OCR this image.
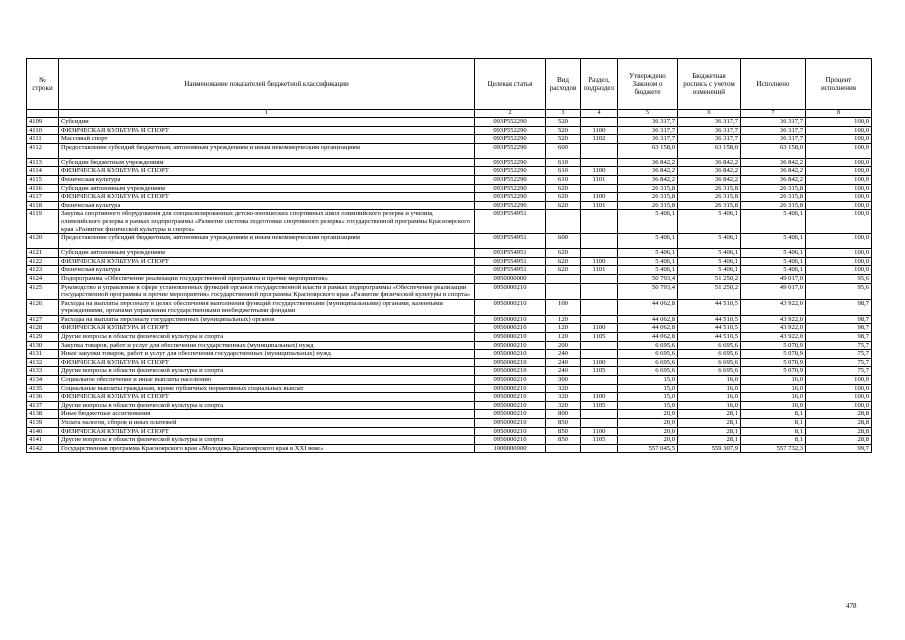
№ строки	Наименование показателей бюджетной классификации	Целевая статья	Вид расходов	Раздел, подраздел	Утверждено Законом о бюджете	Бюджетная роспись с учетом изменений	Исполнено	Процент исполнения
	1	2	3	4	5	6	7	8
4109	Субсидии	093P552290	520		36 317,7	36 317,7	36 317,7	100,0
4110	ФИЗИЧЕСКАЯ КУЛЬТУРА И СПОРТ	093P552290	520	1100	36 317,7	36 317,7	36 317,7	100,0
4111	Массовый спорт	093P552290	520	1102	36 317,7	36 317,7	36 317,7	100,0
4112	Предоставление субсидий бюджетным, автономным учреждениям и иным некоммерческим организациям	093P552290	600		63 158,0	63 158,0	63 158,0	100,0
4113	Субсидии бюджетным учреждениям	093P552290	610		36 842,2	36 842,2	36 842,2	100,0
4114	ФИЗИЧЕСКАЯ КУЛЬТУРА И СПОРТ	093P552290	610	1100	36 842,2	36 842,2	36 842,2	100,0
4115	Физическая культура	093P552290	610	1101	36 842,2	36 842,2	36 842,2	100,0
4116	Субсидии автономным учреждениям	093P552290	620		26 315,8	26 315,8	26 315,8	100,0
4117	ФИЗИЧЕСКАЯ КУЛЬТУРА И СПОРТ	093P552290	620	1100	26 315,8	26 315,8	26 315,8	100,0
4118	Физическая культура	093P552290	620	1101	26 315,8	26 315,8	26 315,8	100,0
4119	Закупка спортивного оборудования для специализированных детско-юношеских спортивных школ олимпийского резерва и училищ олимпийского резерва в рамках подпрограммы «Развитие системы подготовки спортивного резерва» государственной программы Красноярского края «Развитие физической культуры и спорта»	093P554951			5 406,1	5 406,1	5 406,1	100,0
4120	Предоставление субсидий бюджетным, автономным учреждениям и иным некоммерческим организациям	093P554951	600		5 406,1	5 406,1	5 406,1	100,0
4121	Субсидии автономным учреждениям	093P554951	620		5 406,1	5 406,1	5 406,1	100,0
4122	ФИЗИЧЕСКАЯ КУЛЬТУРА И СПОРТ	093P554951	620	1100	5 406,1	5 406,1	5 406,1	100,0
4123	Физическая культура	093P554951	620	1101	5 406,1	5 406,1	5 406,1	100,0
4124	Подпрограмма «Обеспечение реализации государственной программы и прочие мероприятия»	0950000000			50 793,4	51 250,2	49 017,0	95,6
4125	Руководство и управление в сфере установленных функций органов государственной власти в рамках подпрограммы «Обеспечение реализации государственной программы и прочие мероприятия» государственной программы Красноярского края «Развитие физической культуры и спорта»	0950000210			50 793,4	51 250,2	49 017,0	95,6
4126	Расходы на выплаты персоналу в целях обеспечения выполнения функций государственными (муниципальными) органами, казенными учреждениями, органами управления государственными внебюджетными фондами	0950000210	100		44 062,8	44 510,5	43 922,0	98,7
4127	Расходы на выплаты персоналу государственных (муниципальных) органов	0950000210	120		44 062,8	44 510,5	43 922,0	98,7
4128	ФИЗИЧЕСКАЯ КУЛЬТУРА И СПОРТ	0950000210	120	1100	44 062,8	44 510,5	43 922,0	98,7
4129	Другие вопросы в области физической культуры и спорта	0950000210	120	1105	44 062,8	44 510,5	43 922,0	98,7
4130	Закупка товаров, работ и услуг для обеспечения государственных (муниципальных) нужд	0950000210	200		6 695,6	6 695,6	5 070,9	75,7
4131	Иные закупки товаров, работ и услуг для обеспечения государственных (муниципальных) нужд	0950000210	240		6 695,6	6 695,6	5 070,9	75,7
4132	ФИЗИЧЕСКАЯ КУЛЬТУРА И СПОРТ	0950000210	240	1100	6 695,6	6 695,6	5 070,9	75,7
4133	Другие вопросы в области физической культуры и спорта	0950000210	240	1105	6 695,6	6 695,6	5 070,9	75,7
4134	Социальное обеспечение и иные выплаты населению	0950000210	300		15,0	16,0	16,0	100,0
4135	Социальные выплаты гражданам, кроме публичных нормативных социальных выплат	0950000210	320		15,0	16,0	16,0	100,0
4136	ФИЗИЧЕСКАЯ КУЛЬТУРА И СПОРТ	0950000210	320	1100	15,0	16,0	16,0	100,0
4137	Другие вопросы в области физической культуры и спорта	0950000210	320	1105	15,0	16,0	16,0	100,0
4138	Иные бюджетные ассигнования	0950000210	800		20,0	28,1	8,1	28,8
4139	Уплата налогов, сборов и иных платежей	0950000210	850		20,0	28,1	8,1	28,8
4140	ФИЗИЧЕСКАЯ КУЛЬТУРА И СПОРТ	0950000210	850	1100	20,0	28,1	8,1	28,8
4141	Другие вопросы в области физической культуры и спорта	0950000210	850	1105	20,0	28,1	8,1	28,8
4142	Государственная программа Красноярского края «Молодежь Красноярского края в XXI веке»	1000000000			557 045,5	559 307,9	557 732,3	99,7
478
